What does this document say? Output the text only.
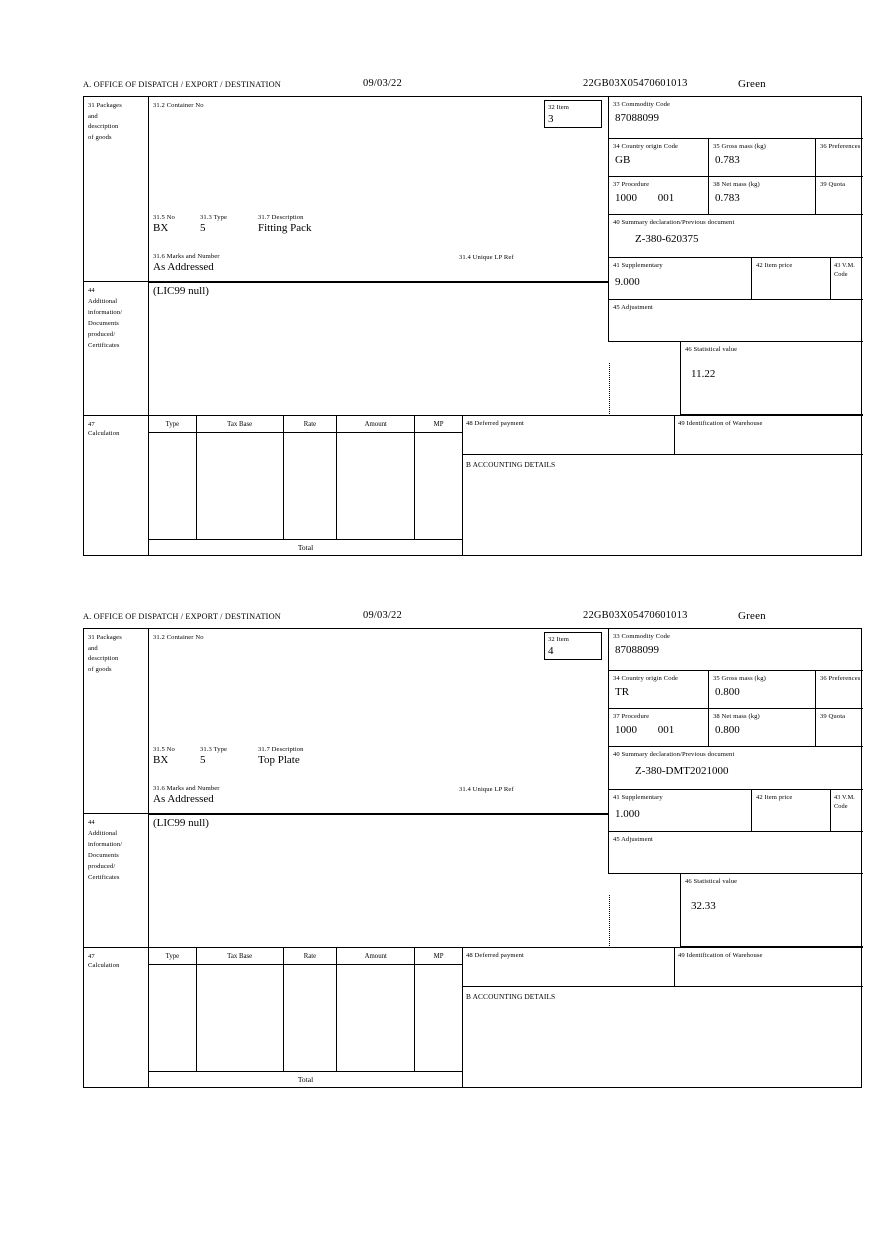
A. OFFICE OF DISPATCH / EXPORT / DESTINATION	09/03/22	22GB03X05470601013	Green
31 Packages
and
description
of goods
31.2 Container No	32 Item
3
31.5 No	31.3 Type	31.7 Description
BX	5	Fitting Pack
31.6 Marks and Number	31.4 Unique LP Ref
As Addressed
44
Additional
information/
Documents
produced/
Certificates
(LIC99 null)
47
Calculation
Type	Tax Base	Rate	Amount	MP

Total				
48 Deferred payment	49 Identification of Warehouse
B ACCOUNTING DETAILS
33 Commodity Code
87088099
34 Country origin Code
GB
35 Gross mass (kg)
0.783
36 Preferences
37 Procedure
1000 001
38 Net mass (kg)
0.783
39 Quota
40 Summary declaration/Previous document
Z-380-620375
41 Supplementary
9.000
42 Item price	43 V.M. Code
45 Adjustment
46 Statistical value
11.22
A. OFFICE OF DISPATCH / EXPORT / DESTINATION	09/03/22	22GB03X05470601013	Green
31 Packages
and
description
of goods
31.2 Container No	32 Item
4
31.5 No	31.3 Type	31.7 Description
BX	5	Top Plate
31.6 Marks and Number	31.4 Unique LP Ref
As Addressed
44
Additional
information/
Documents
produced/
Certificates
(LIC99 null)
47
Calculation
Type	Tax Base	Rate	Amount	MP

Total				
48 Deferred payment	49 Identification of Warehouse
B ACCOUNTING DETAILS
33 Commodity Code
87088099
34 Country origin Code
TR
35 Gross mass (kg)
0.800
36 Preferences
37 Procedure
1000 001
38 Net mass (kg)
0.800
39 Quota
40 Summary declaration/Previous document
Z-380-DMT2021000
41 Supplementary
1.000
42 Item price	43 V.M. Code
45 Adjustment
46 Statistical value
32.33
